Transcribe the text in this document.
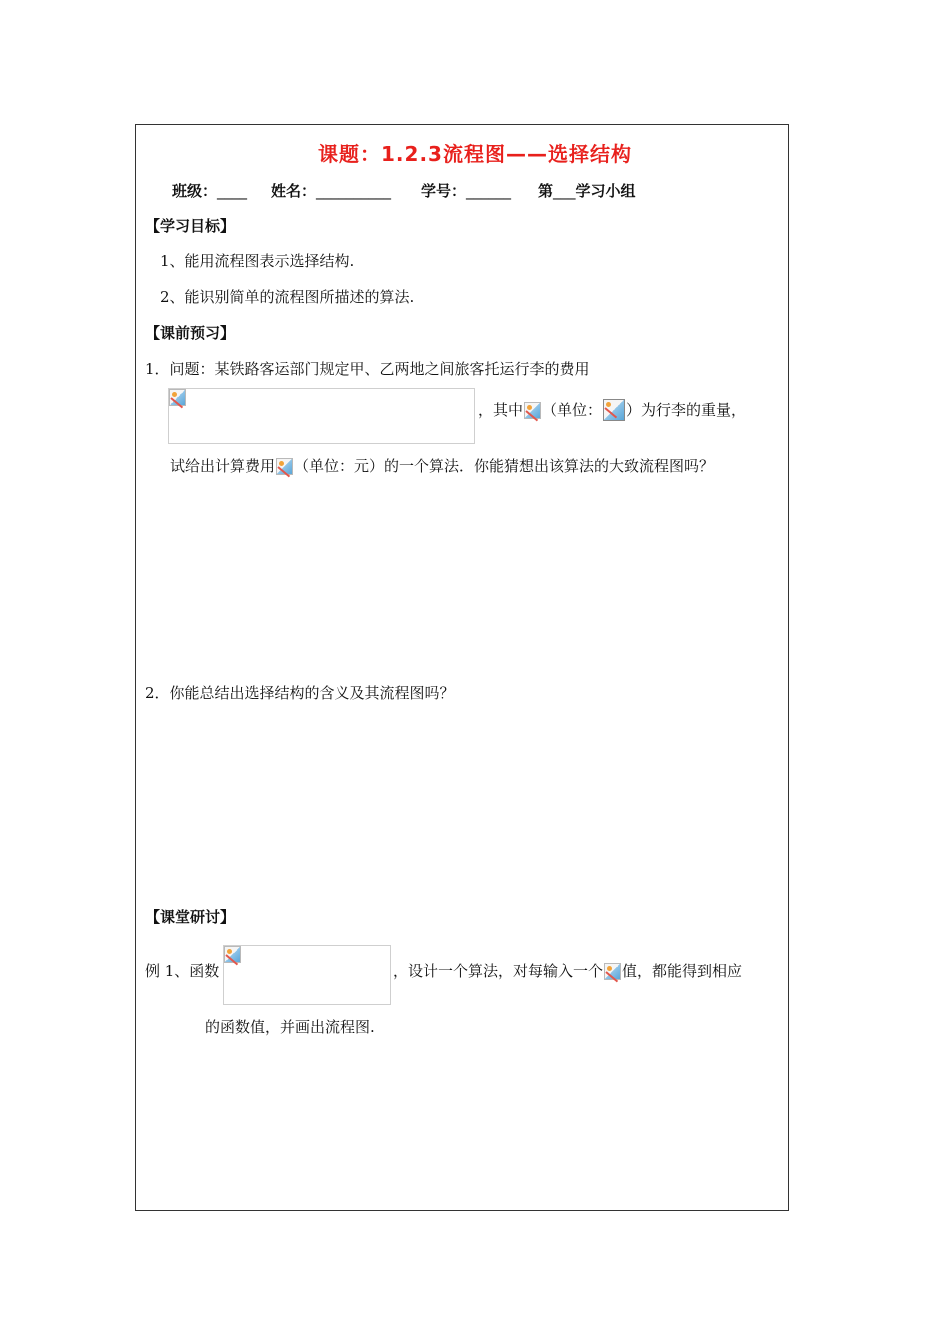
课题：1.2.3流程图——选择结构
班级：____ 姓名：__________ 学号：______ 第___学习小组
【学习目标】
1、能用流程图表示选择结构.
2、能识别简单的流程图所描述的算法.
【课前预习】
1．问题：某铁路客运部门规定甲、乙两地之间旅客托运行李的费用
，其中 （单位： ）为行李的重量，
试给出计算费用 （单位：元）的一个算法．你能猜想出该算法的大致流程图吗？
2．你能总结出选择结构的含义及其流程图吗？
【课堂研讨】
例 1、函数	，设计一个算法，对每输入一个 值，都能得到相应
的函数值，并画出流程图.
